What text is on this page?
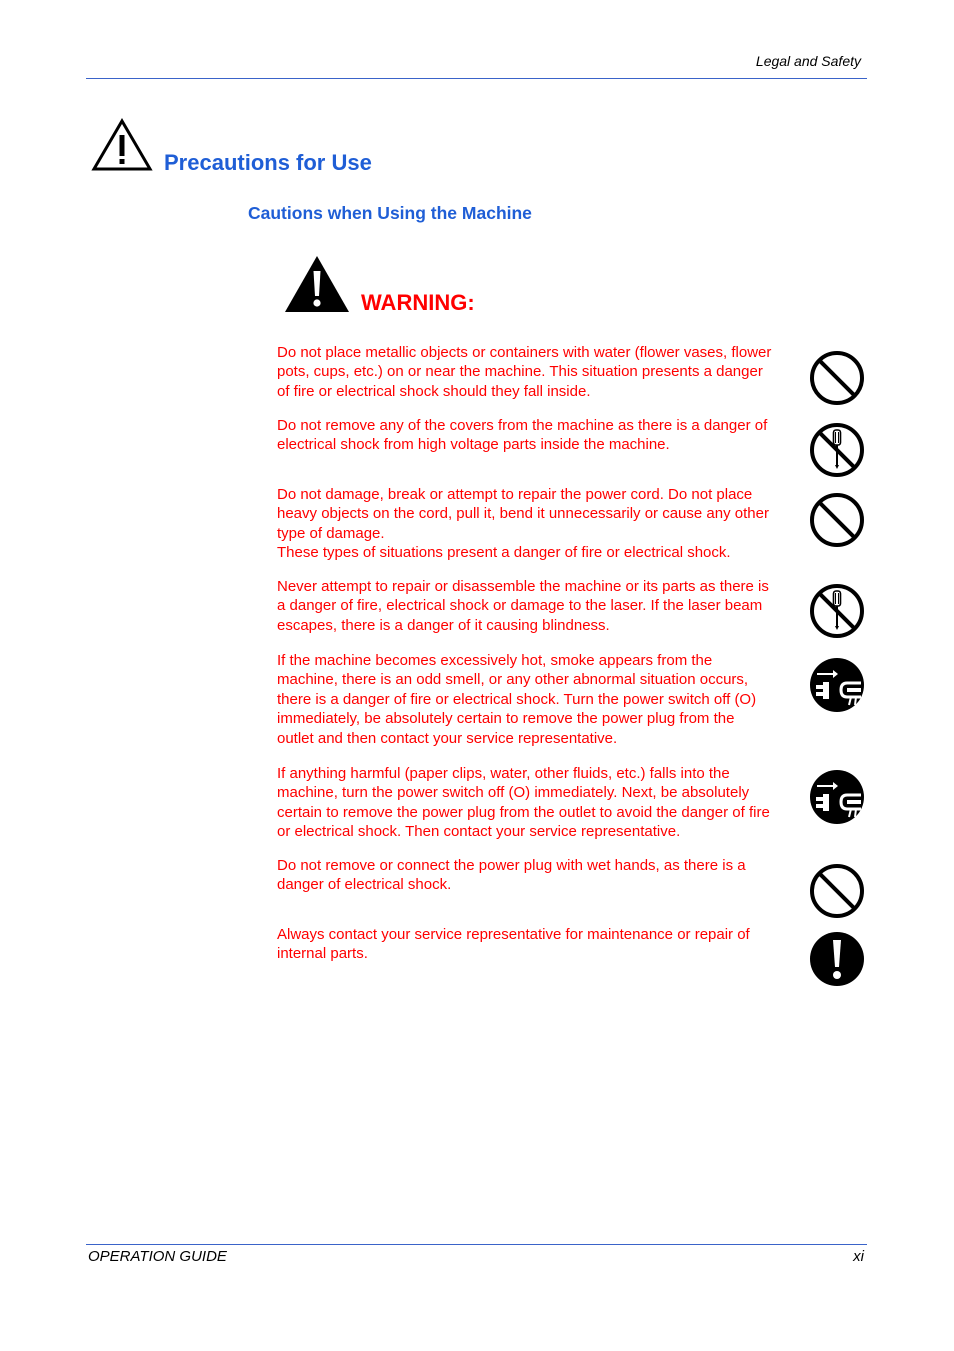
Legal and Safety
Precautions for Use
Cautions when Using the Machine
WARNING:
Do not place metallic objects or containers with water (flower vases, flower
pots, cups, etc.) on or near the machine. This situation presents a danger
of fire or electrical shock should they fall inside.
Do not remove any of the covers from the machine as there is a danger of
electrical shock from high voltage parts inside the machine.
Do not damage, break or attempt to repair the power cord. Do not place
heavy objects on the cord, pull it, bend it unnecessarily or cause any other
type of damage.
These types of situations present a danger of fire or electrical shock.
Never attempt to repair or disassemble the machine or its parts as there is
a danger of fire, electrical shock or damage to the laser. If the laser beam
escapes, there is a danger of it causing blindness.
If the machine becomes excessively hot, smoke appears from the
machine, there is an odd smell, or any other abnormal situation occurs,
there is a danger of fire or electrical shock. Turn the power switch off (O)
immediately, be absolutely certain to remove the power plug from the
outlet and then contact your service representative.
If anything harmful (paper clips, water, other fluids, etc.) falls into the
machine, turn the power switch off (O) immediately. Next, be absolutely
certain to remove the power plug from the outlet to avoid the danger of fire
or electrical shock. Then contact your service representative.
Do not remove or connect the power plug with wet hands, as there is a
danger of electrical shock.
Always contact your service representative for maintenance or repair of
internal parts.
OPERATION GUIDE	xi
